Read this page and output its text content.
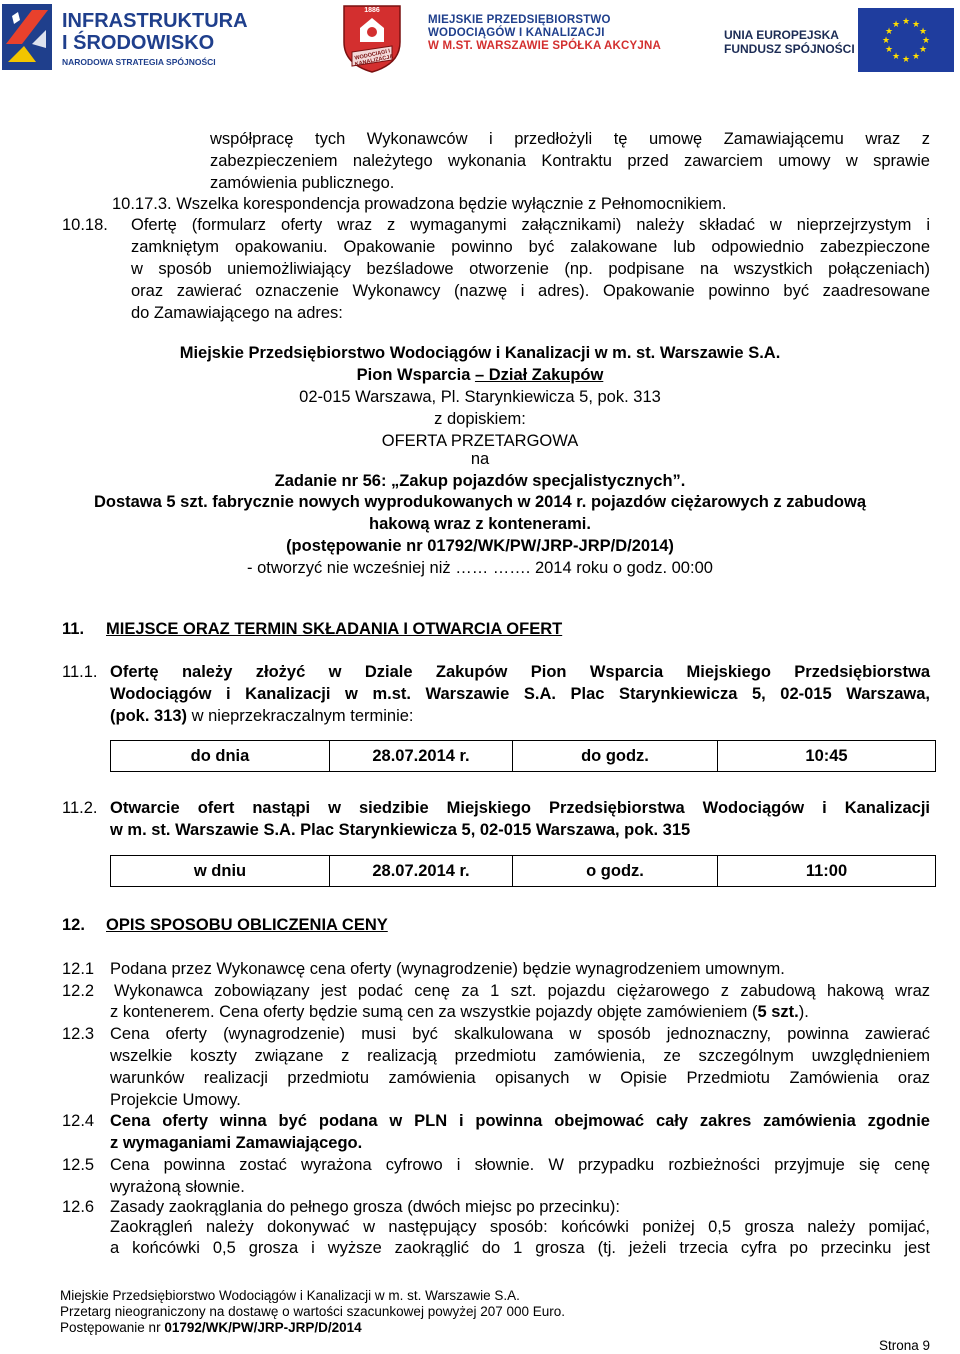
INFRASTRUKTURA
I ŚRODOWISKO
NARODOWA STRATEGIA SPÓJNOŚCI
1886
WODOCIĄGI I KANALIZACJA
MIEJSKIE PRZEDSIĘBIORSTWO
WODOCIĄGÓW I KANALIZACJI
W M.ST. WARSZAWIE SPÓŁKA AKCYJNA
UNIA EUROPEJSKA
FUNDUSZ SPÓJNOŚCI
★ ★
★
★
★
★
★
★
★
★
★
★
współpracę tych Wykonawców i przedłożyli tę umowę Zamawiającemu wraz z
zabezpieczeniem należytego wykonania Kontraktu przed zawarciem umowy w sprawie
zamówienia publicznego.
10.17.3. Wszelka korespondencja prowadzona będzie wyłącznie z Pełnomocnikiem.
10.18. Ofertę (formularz oferty wraz z wymaganymi załącznikami) należy składać w nieprzejrzystym i
zamkniętym opakowaniu. Opakowanie powinno być zalakowane lub odpowiednio zabezpieczone
w sposób uniemożliwiający bezśladowe otworzenie (np. podpisane na wszystkich połączeniach)
oraz zawierać oznaczenie Wykonawcy (nazwę i adres). Opakowanie powinno być zaadresowane
do Zamawiającego na adres:
Miejskie Przedsiębiorstwo Wodociągów i Kanalizacji w m. st. Warszawie S.A.
Pion Wsparcia – Dział Zakupów
02-015 Warszawa, Pl. Starynkiewicza 5, pok. 313
z dopiskiem:
OFERTA PRZETARGOWA
na
Zadanie nr 56: „Zakup pojazdów specjalistycznych”.
Dostawa 5 szt. fabrycznie nowych wyprodukowanych w 2014 r. pojazdów ciężarowych z zabudową
hakową wraz z kontenerami.
(postępowanie nr 01792/WK/PW/JRP-JRP/D/2014)
- otworzyć nie wcześniej niż …… ……. 2014 roku o godz. 00:00
11. MIEJSCE ORAZ TERMIN SKŁADANIA I OTWARCIA OFERT
11.1. Ofertę należy złożyć w Dziale Zakupów Pion Wsparcia Miejskiego Przedsiębiorstwa
Wodociągów i Kanalizacji w m.st. Warszawie S.A. Plac Starynkiewicza 5, 02-015 Warszawa,
(pok. 313) w nieprzekraczalnym terminie:
do dnia	28.07.2014 r.	do godz.	10:45
11.2. Otwarcie ofert nastąpi w siedzibie Miejskiego Przedsiębiorstwa Wodociągów i Kanalizacji
w m. st. Warszawie S.A. Plac Starynkiewicza 5, 02-015 Warszawa, pok. 315
w dniu	28.07.2014 r.	o godz.	11:00
12. OPIS SPOSOBU OBLICZENIA CENY
12.1 Podana przez Wykonawcę cena oferty (wynagrodzenie) będzie wynagrodzeniem umownym.
12.2 Wykonawca zobowiązany jest podać cenę za 1 szt. pojazdu ciężarowego z zabudową hakową wraz
z kontenerem. Cena oferty będzie sumą cen za wszystkie pojazdy objęte zamówieniem (5 szt.).
12.3 Cena oferty (wynagrodzenie) musi być skalkulowana w sposób jednoznaczny, powinna zawierać
wszelkie koszty związane z realizacją przedmiotu zamówienia, ze szczególnym uwzględnieniem
warunków realizacji przedmiotu zamówienia opisanych w Opisie Przedmiotu Zamówienia oraz
Projekcie Umowy.
12.4 Cena oferty winna być podana w PLN i powinna obejmować cały zakres zamówienia zgodnie
z wymaganiami Zamawiającego.
12.5 Cena powinna zostać wyrażona cyfrowo i słownie. W przypadku rozbieżności przyjmuje się cenę
wyrażoną słownie.
12.6 Zasady zaokrąglania do pełnego grosza (dwóch miejsc po przecinku):
Zaokrągleń należy dokonywać w następujący sposób: końcówki poniżej 0,5 grosza należy pomijać,
a końcówki 0,5 grosza i wyższe zaokrąglić do 1 grosza (tj. jeżeli trzecia cyfra po przecinku jest
Miejskie Przedsiębiorstwo Wodociągów i Kanalizacji w m. st. Warszawie S.A.
Przetarg nieograniczony na dostawę o wartości szacunkowej powyżej 207 000 Euro.
Postępowanie nr 01792/WK/PW/JRP-JRP/D/2014
Strona 9
